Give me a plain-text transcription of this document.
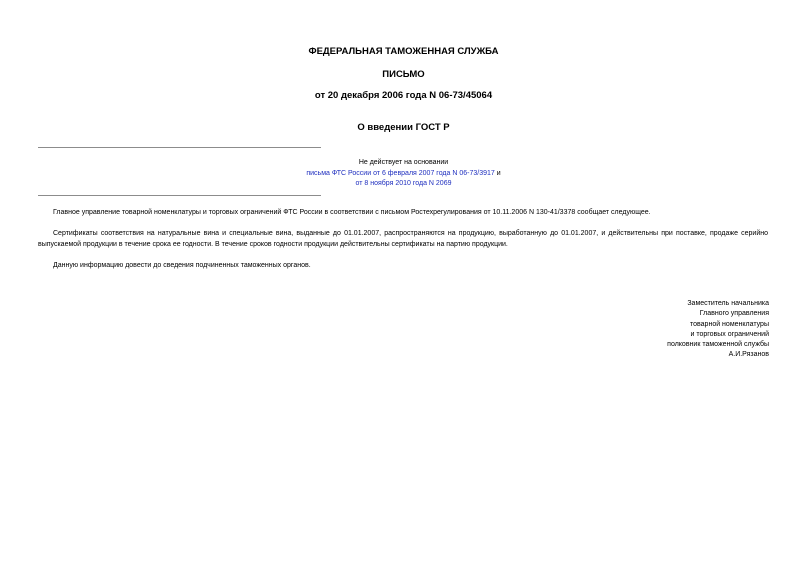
ФЕДЕРАЛЬНАЯ ТАМОЖЕННАЯ СЛУЖБА
ПИСЬМО
от 20 декабря 2006 года N 06-73/45064
О введении ГОСТ Р
Не действует на основании
письма ФТС России от 6 февраля 2007 года N 06-73/3917 и
от 8 ноября 2010 года N 2069
Главное управление товарной номенклатуры и торговых ограничений ФТС России в соответствии с письмом Ростехрегулирования от 10.11.2006 N 130-41/3378 сообщает следующее.
Сертификаты соответствия на натуральные вина и специальные вина, выданные до 01.01.2007, распространяются на продукцию, выработанную до 01.01.2007, и действительны при поставке, продаже серийно выпускаемой продукции в течение срока ее годности. В течение сроков годности продукции действительны сертификаты на партию продукции.
Данную информацию довести до сведения подчиненных таможенных органов.
Заместитель начальника
Главного управления
товарной номенклатуры
и торговых ограничений
полковник таможенной службы
А.И.Рязанов
